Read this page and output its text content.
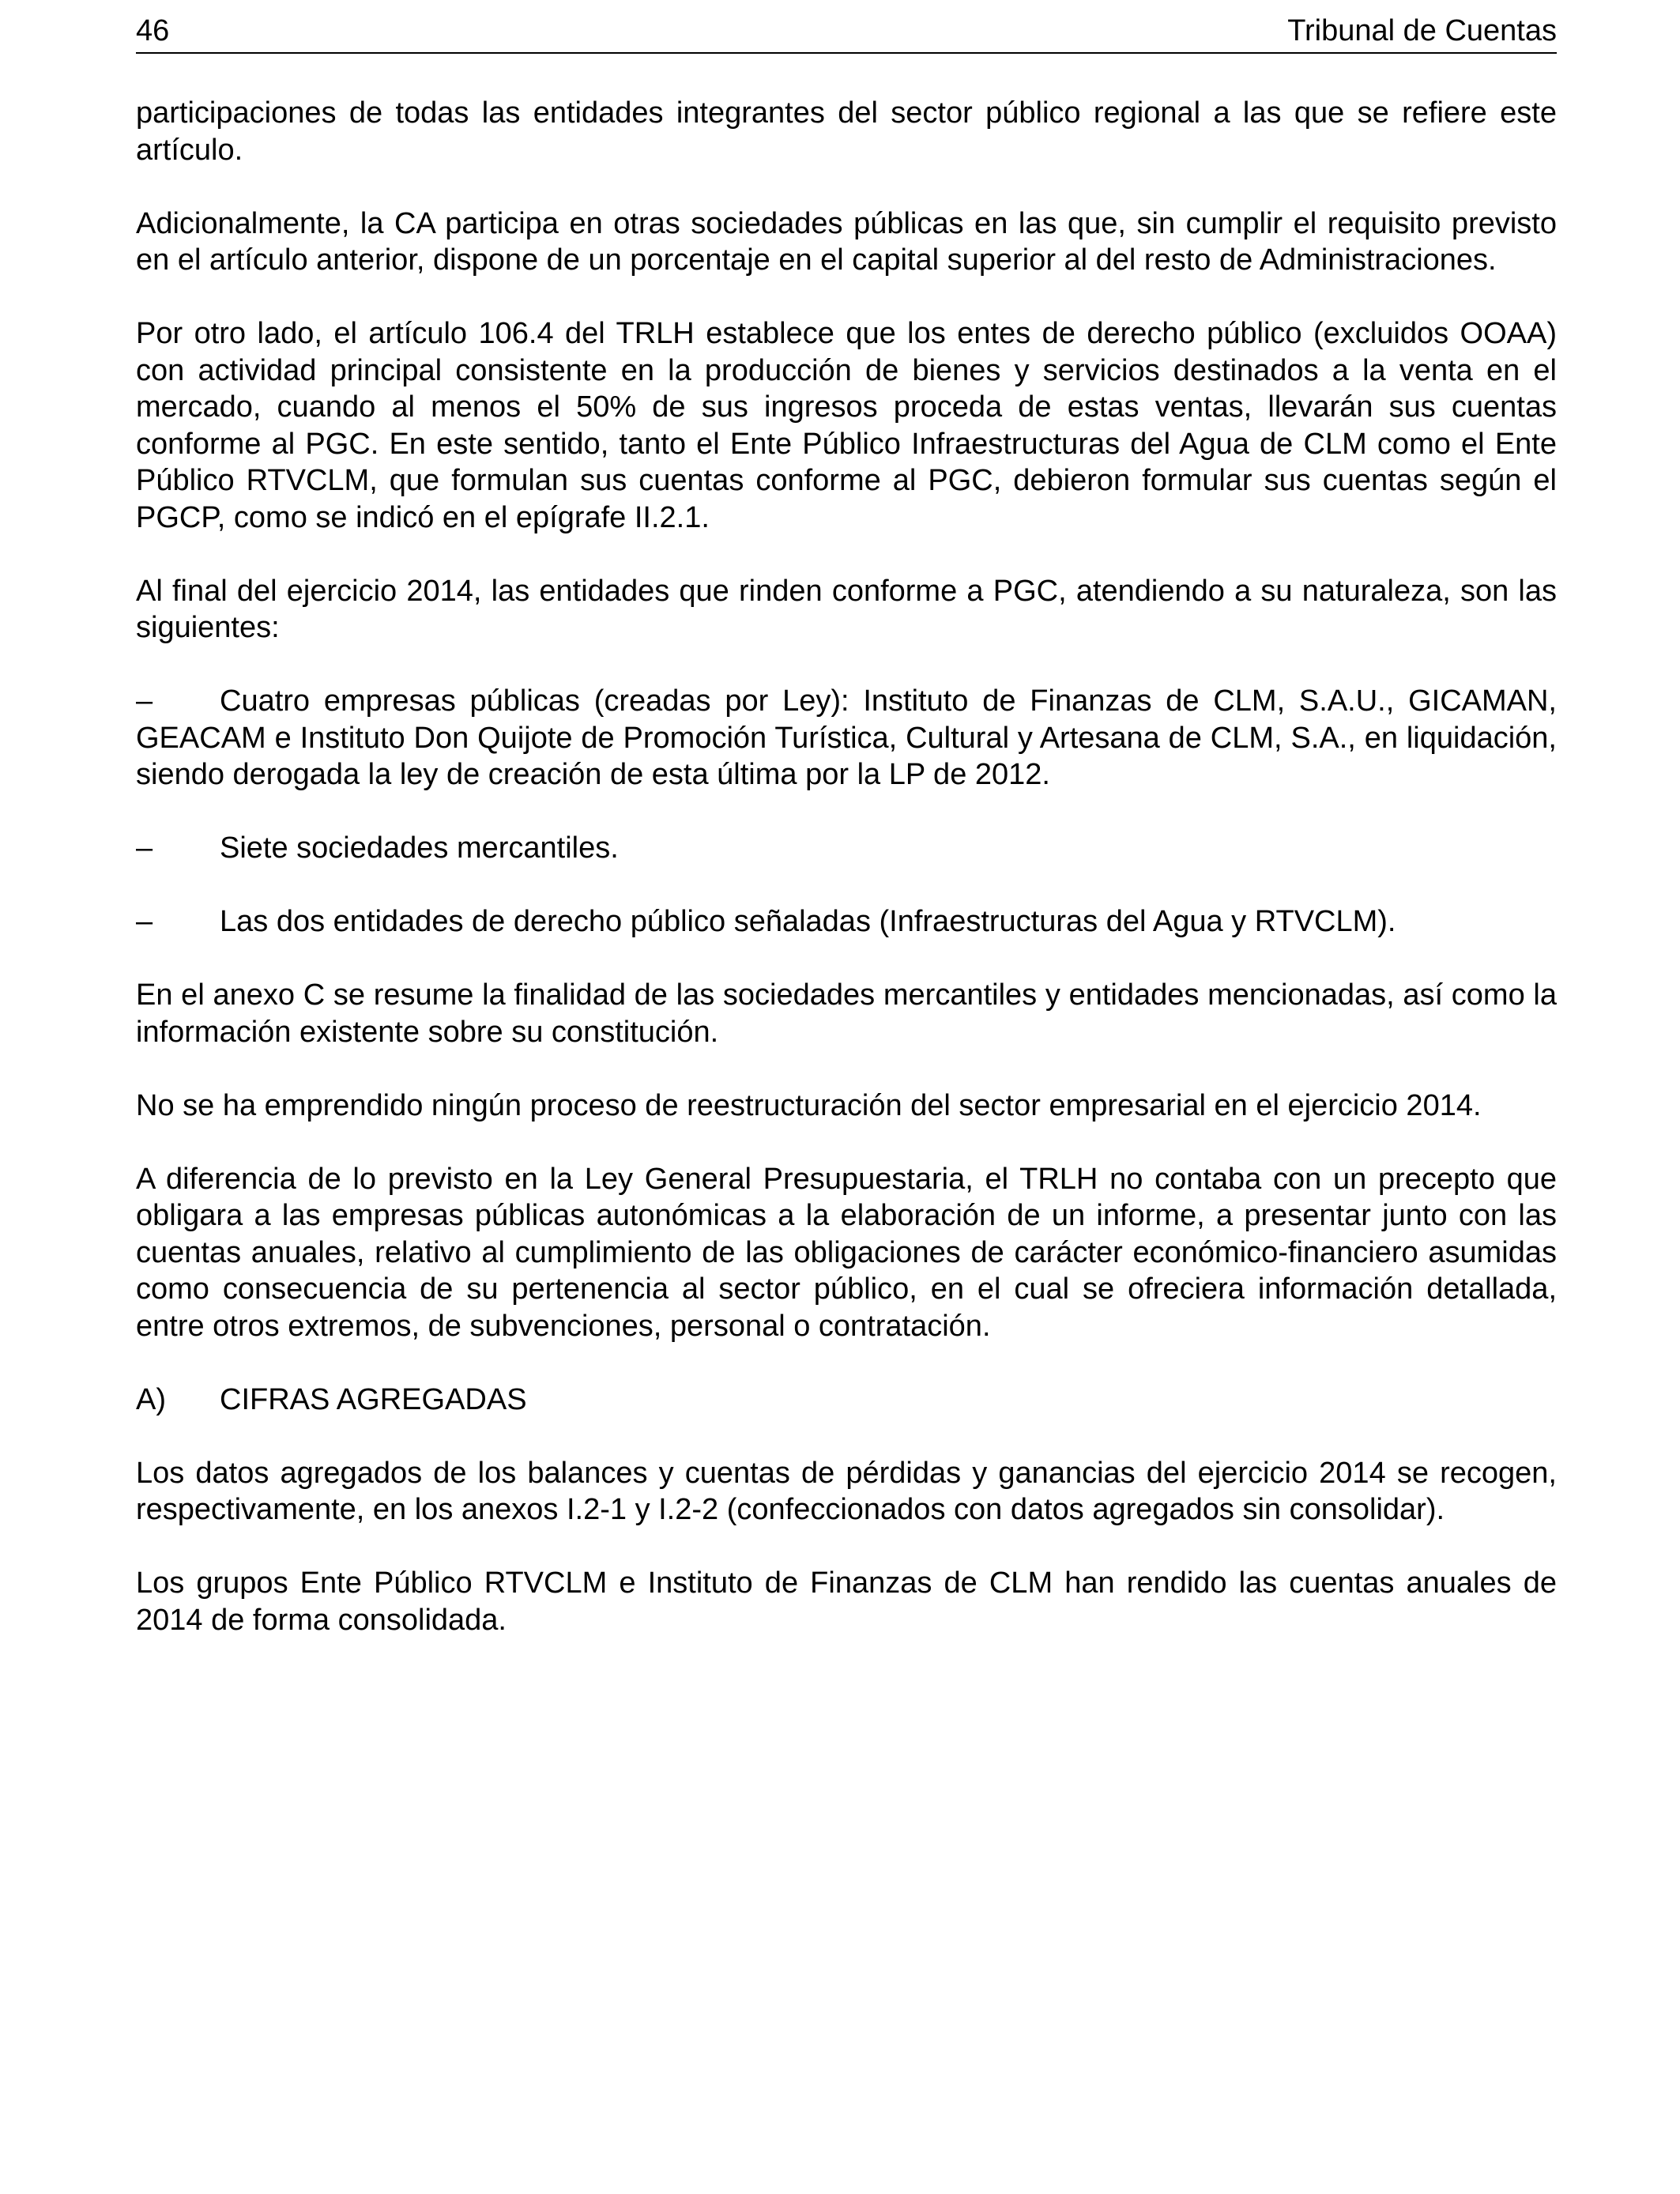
46	Tribunal de Cuentas

participaciones de todas las entidades integrantes del sector público regional a las que se refiere este artículo.

Adicionalmente, la CA participa en otras sociedades públicas en las que, sin cumplir el requisito previsto en el artículo anterior, dispone de un porcentaje en el capital superior al del resto de Administraciones.

Por otro lado, el artículo 106.4 del TRLH establece que los entes de derecho público (excluidos OOAA) con actividad principal consistente en la producción de bienes y servicios destinados a la venta en el mercado, cuando al menos el 50% de sus ingresos proceda de estas ventas, llevarán sus cuentas conforme al PGC. En este sentido, tanto el Ente Público Infraestructuras del Agua de CLM como el Ente Público RTVCLM, que formulan sus cuentas conforme al PGC, debieron formular sus cuentas según el PGCP, como se indicó en el epígrafe II.2.1.

Al final del ejercicio 2014, las entidades que rinden conforme a PGC, atendiendo a su naturaleza, son las siguientes:

– Cuatro empresas públicas (creadas por Ley): Instituto de Finanzas de CLM, S.A.U., GICAMAN, GEACAM e Instituto Don Quijote de Promoción Turística, Cultural y Artesana de CLM, S.A., en liquidación, siendo derogada la ley de creación de esta última por la LP de 2012.
– Siete sociedades mercantiles.
– Las dos entidades de derecho público señaladas (Infraestructuras del Agua y RTVCLM).

En el anexo C se resume la finalidad de las sociedades mercantiles y entidades mencionadas, así como la información existente sobre su constitución.

No se ha emprendido ningún proceso de reestructuración del sector empresarial en el ejercicio 2014.

A diferencia de lo previsto en la Ley General Presupuestaria, el TRLH no contaba con un precepto que obligara a las empresas públicas autonómicas a la elaboración de un informe, a presentar junto con las cuentas anuales, relativo al cumplimiento de las obligaciones de carácter económico-financiero asumidas como consecuencia de su pertenencia al sector público, en el cual se ofreciera información detallada, entre otros extremos, de subvenciones, personal o contratación.

A) CIFRAS AGREGADAS

Los datos agregados de los balances y cuentas de pérdidas y ganancias del ejercicio 2014 se recogen, respectivamente, en los anexos I.2-1 y I.2-2 (confeccionados con datos agregados sin consolidar).

Los grupos Ente Público RTVCLM e Instituto de Finanzas de CLM han rendido las cuentas anuales de 2014 de forma consolidada.
